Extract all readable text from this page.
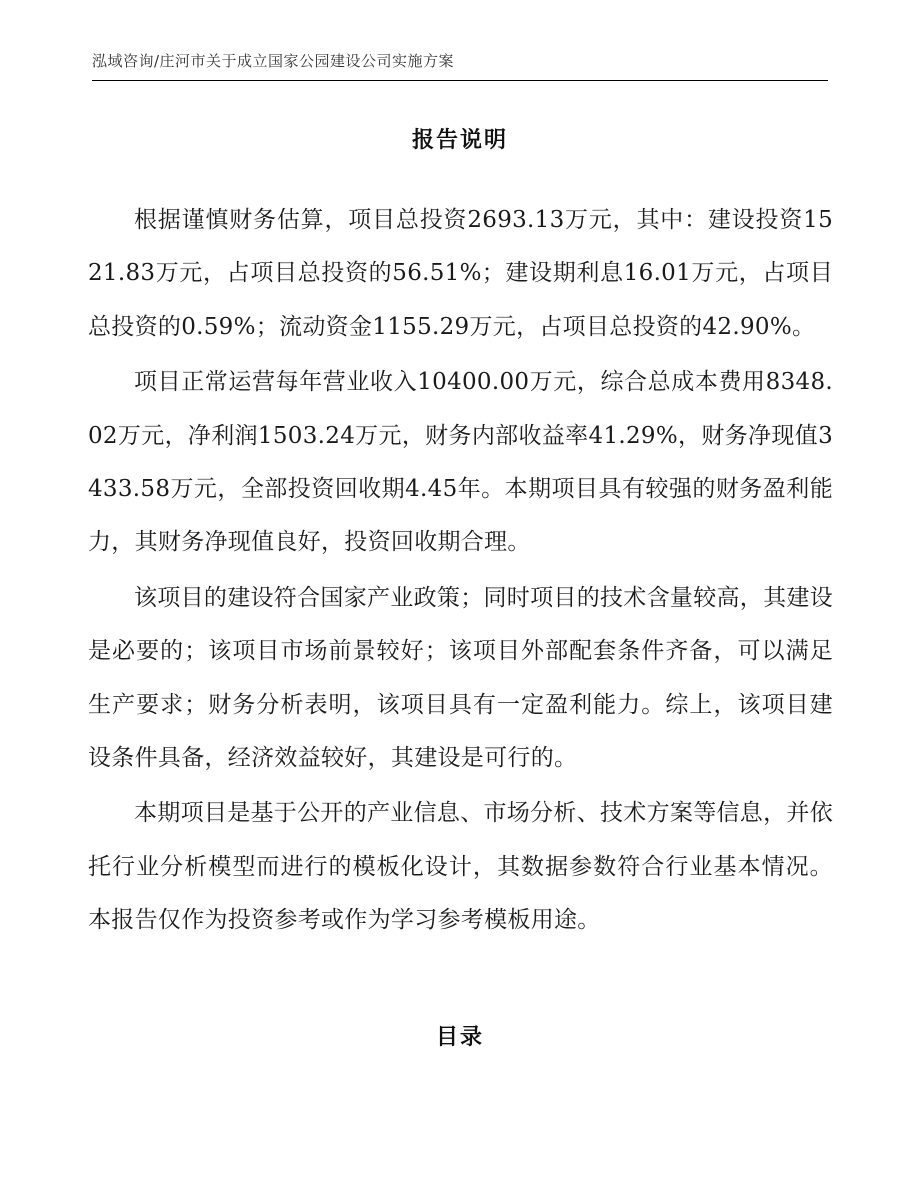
泓域咨询/庄河市关于成立国家公园建设公司实施方案
报告说明

根据谨慎财务估算，项目总投资2693.13万元，其中：建设投资1521.83万元，占项目总投资的56.51%；建设期利息16.01万元，占项目总投资的0.59%；流动资金1155.29万元，占项目总投资的42.90%。

项目正常运营每年营业收入10400.00万元，综合总成本费用8348.02万元，净利润1503.24万元，财务内部收益率41.29%，财务净现值3433.58万元，全部投资回收期4.45年。本期项目具有较强的财务盈利能力，其财务净现值良好，投资回收期合理。

该项目的建设符合国家产业政策；同时项目的技术含量较高，其建设是必要的；该项目市场前景较好；该项目外部配套条件齐备，可以满足生产要求；财务分析表明，该项目具有一定盈利能力。综上，该项目建设条件具备，经济效益较好，其建设是可行的。

本期项目是基于公开的产业信息、市场分析、技术方案等信息，并依托行业分析模型而进行的模板化设计，其数据参数符合行业基本情况。本报告仅作为投资参考或作为学习参考模板用途。

目录
